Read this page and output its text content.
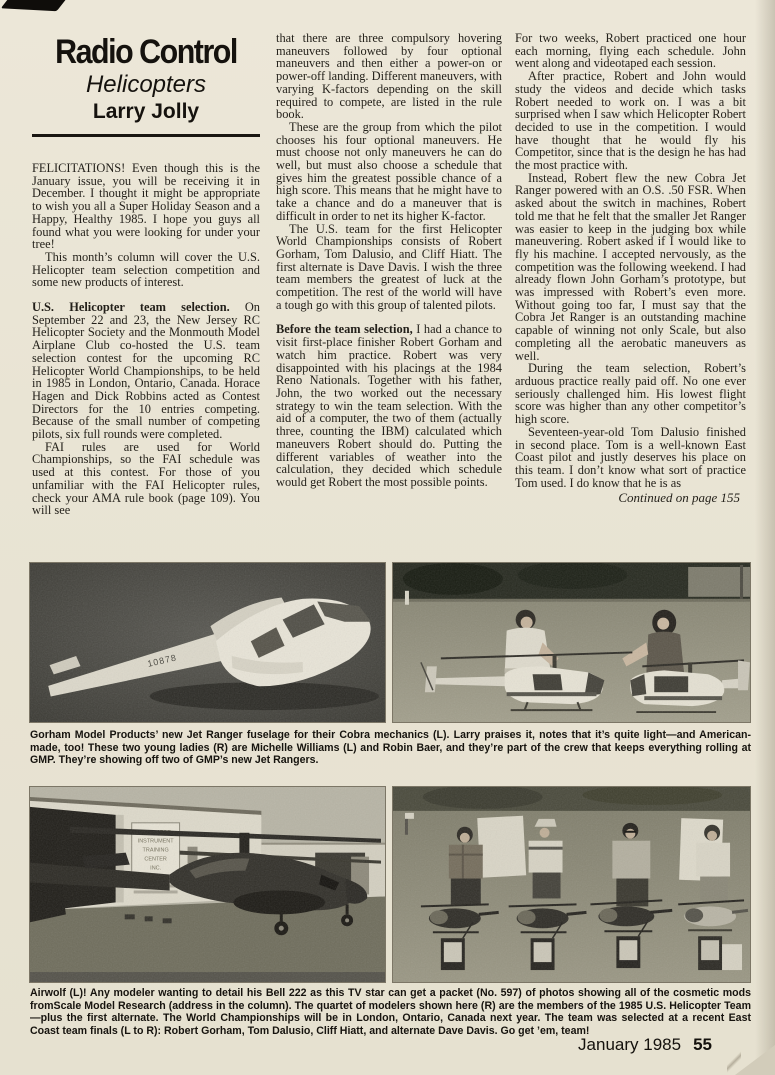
Radio Control
Helicopters
Larry Jolly

FELICITATIONS! Even though this is the January issue, you will be receiving it in December. I thought it might be appropriate to wish you all a Super Holiday Season and a Happy, Healthy 1985. I hope you guys all found what you were looking for under your tree!

This month’s column will cover the U.S. Helicopter team selection competition and some new products of interest.

U.S. Helicopter team selection. On September 22 and 23, the New Jersey RC Helicopter Society and the Monmouth Model Airplane Club co-hosted the U.S. team selection contest for the upcoming RC Helicopter World Championships, to be held in 1985 in London, Ontario, Canada. Horace Hagen and Dick Robbins acted as Contest Directors for the 10 entries competing. Because of the small number of competing pilots, six full rounds were completed.

FAI rules are used for World Championships, so the FAI schedule was used at this contest. For those of you unfamiliar with the FAI Helicopter rules, check your AMA rule book (page 109). You will see

that there are three compulsory hovering maneuvers followed by four optional maneuvers and then either a power-on or power-off landing. Different maneuvers, with varying K-factors depending on the skill required to compete, are listed in the rule book.

These are the group from which the pilot chooses his four optional maneuvers. He must choose not only maneuvers he can do well, but must also choose a schedule that gives him the greatest possible chance of a high score. This means that he might have to take a chance and do a maneuver that is difficult in order to net its higher K-factor.

The U.S. team for the first Helicopter World Championships consists of Robert Gorham, Tom Dalusio, and Cliff Hiatt. The first alternate is Dave Davis. I wish the three team members the greatest of luck at the competition. The rest of the world will have a tough go with this group of talented pilots.

Before the team selection, I had a chance to visit first-place finisher Robert Gorham and watch him practice. Robert was very disappointed with his placings at the 1984 Reno Nationals. Together with his father, John, the two worked out the necessary strategy to win the team selection. With the aid of a computer, the two of them (actually three, counting the IBM) calculated which maneuvers Robert should do. Putting the different variables of weather into the calculation, they decided which schedule would get Robert the most possible points.

For two weeks, Robert practiced one hour each morning, flying each schedule. John went along and videotaped each session.

After practice, Robert and John would study the videos and decide which tasks Robert needed to work on. I was a bit surprised when I saw which Helicopter Robert decided to use in the competition. I would have thought that he would fly his Competitor, since that is the design he has had the most practice with.

Instead, Robert flew the new Cobra Jet Ranger powered with an O.S. .50 FSR. When asked about the switch in machines, Robert told me that he felt that the smaller Jet Ranger was easier to keep in the judging box while maneuvering. Robert asked if I would like to fly his machine. I accepted nervously, as the competition was the following weekend. I had already flown John Gorham’s prototype, but was impressed with Robert’s even more. Without going too far, I must say that the Cobra Jet Ranger is an outstanding machine capable of winning not only Scale, but also completing all the aerobatic maneuvers as well.

During the team selection, Robert’s arduous practice really paid off. No one ever seriously challenged him. His lowest flight score was higher than any other competitor’s high score.

Seventeen-year-old Tom Dalusio finished in second place. Tom is a well-known East Coast pilot and justly deserves his place on this team. I don’t know what sort of practice Tom used. I do know that he is as

Continued on page 155

10878
Gorham Model Products’ new Jet Ranger fuselage for their Cobra mechanics (L). Larry praises it, notes that it’s quite light—and American-made, too! These two young ladies (R) are Michelle Williams (L) and Robin Baer, and they’re part of the crew that keeps everything rolling at GMP. They’re showing off two of GMP’s new Jet Rangers.
INSTRUMENT
TRAINING
CENTER
INC.
Airwolf (L)! Any modeler wanting to detail his Bell 222 as this TV star can get a packet (No. 597) of photos showing all of the cosmetic mods fromScale Model Research (address in the column). The quartet of modelers shown here (R) are the members of the 1985 U.S. Helicopter Team—plus the first alternate. The World Championships will be in London, Ontario, Canada next year. The team was selected at a recent East Coast team finals (L to R): Robert Gorham, Tom Dalusio, Cliff Hiatt, and alternate Dave Davis. Go get ’em, team!
January 1985 55
